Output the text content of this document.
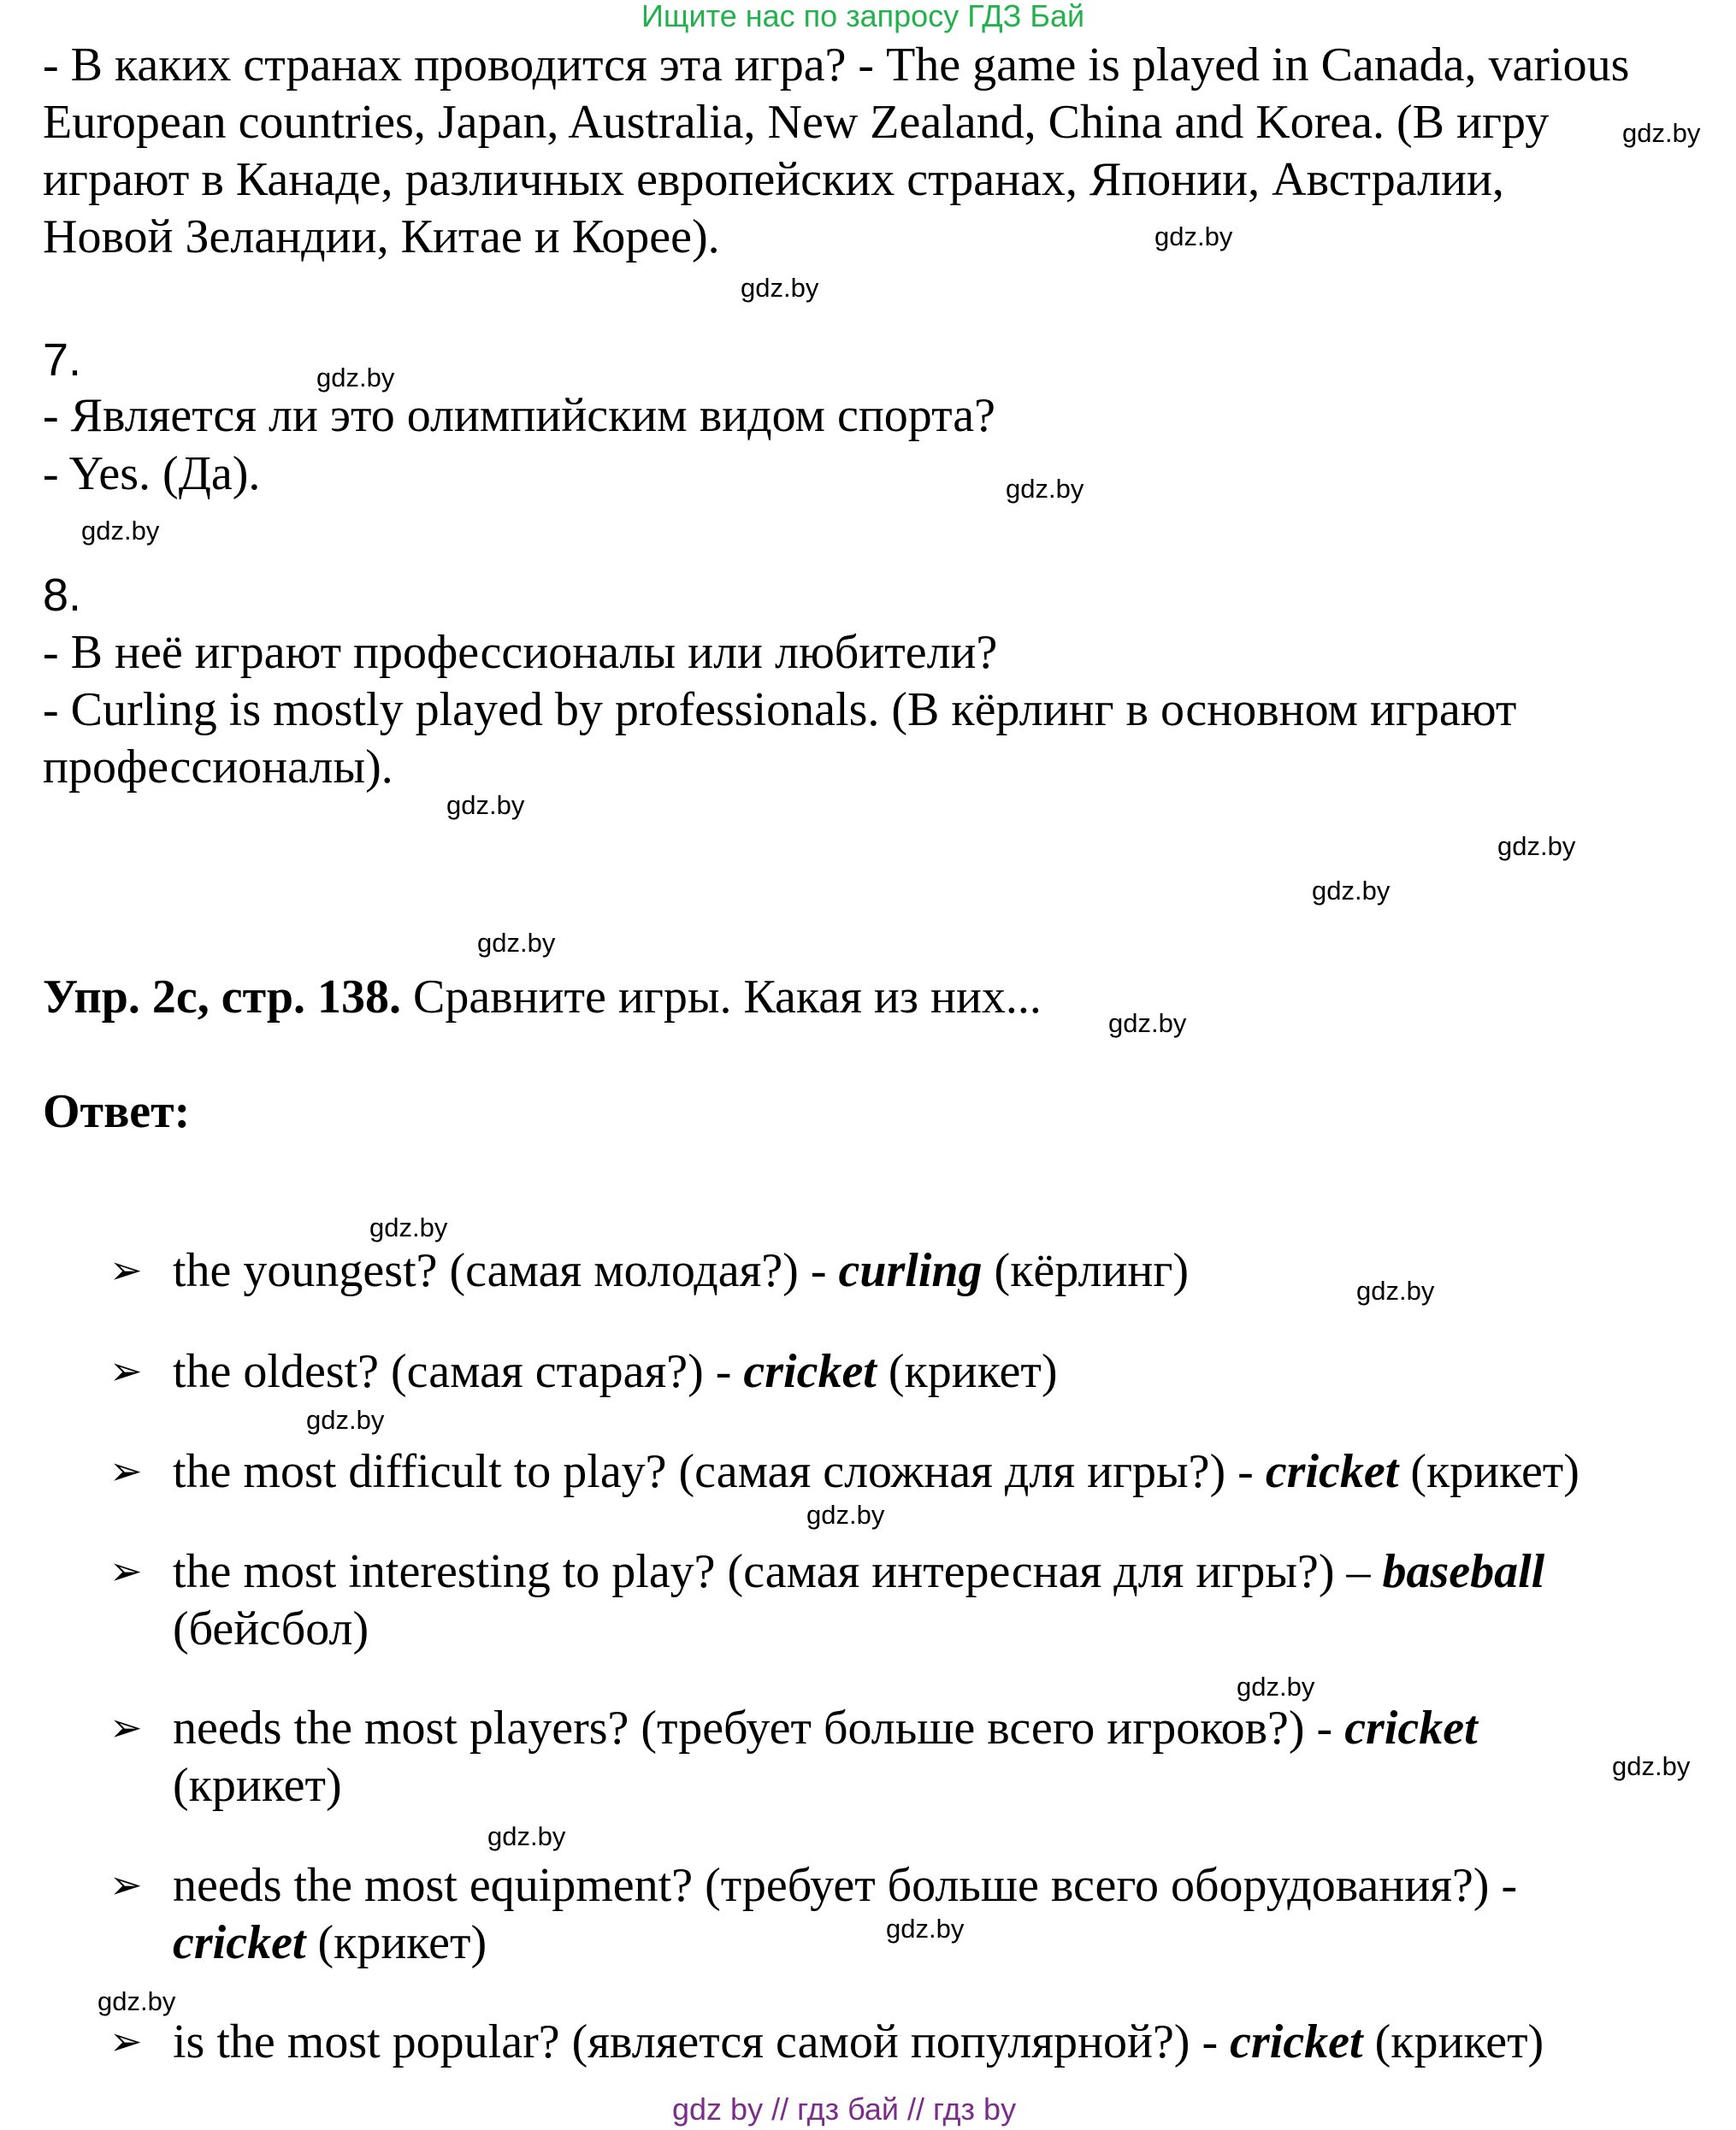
Ищите нас по запросу ГДЗ Бай
- В каких странах проводится эта игра? - The game is played in Canada, various
European countries, Japan, Australia, New Zealand, China and Korea. (В игру
играют в Канаде, различных европейских странах, Японии, Австралии,
Новой Зеландии, Китае и Корее).
7.
- Является ли это олимпийским видом спорта?
- Yes. (Да).
8.
- В неё играют профессионалы или любители?
- Curling is mostly played by professionals. (В кёрлинг в основном играют
профессионалы).
Упр. 2с, стр. 138. Сравните игры. Какая из них...
Ответ:
➢ the youngest? (самая молодая?) - curling (кёрлинг)
➢ the oldest? (самая старая?) - cricket (крикет)
➢ the most difficult to play? (самая сложная для игры?) - cricket (крикет)
➢ the most interesting to play? (самая интересная для игры?) – baseball
(бейсбол)
➢ needs the most players? (требует больше всего игроков?) - cricket
(крикет)
➢ needs the most equipment? (требует больше всего оборудования?) -
cricket (крикет)
➢ is the most popular? (является самой популярной?) - cricket (крикет)
gdz.by
gdz.by
gdz.by
gdz.by
gdz.by
gdz.by
gdz.by
gdz.by
gdz.by
gdz.by
gdz.by
gdz.by
gdz.by
gdz.by
gdz.by
gdz.by
gdz.by
gdz.by
gdz.by
gdz.by
gdz by // гдз бай // гдз by
